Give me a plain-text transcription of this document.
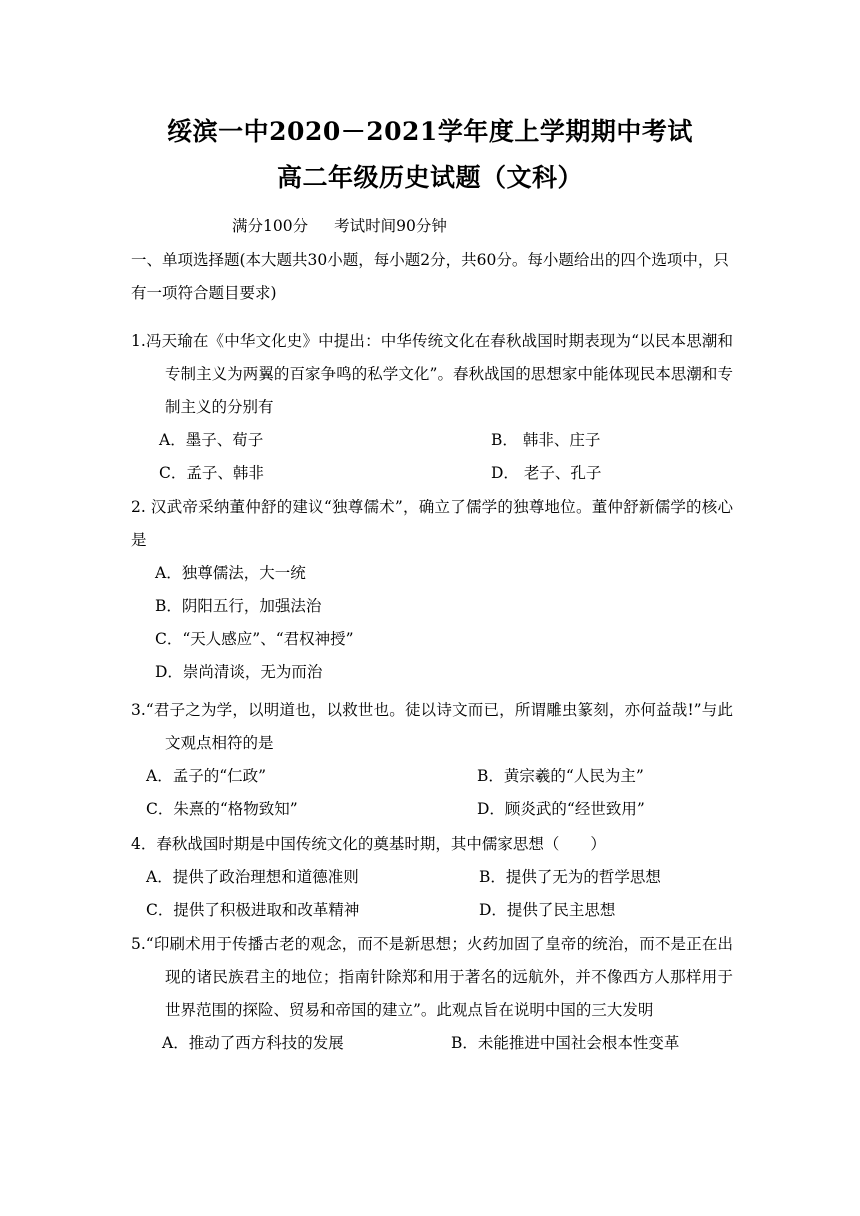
绥滨一中2020－2021学年度上学期期中考试
高二年级历史试题（文科）
满分100分 考试时间90分钟
一、单项选择题(本大题共30小题，每小题2分，共60分。每小题给出的四个选项中，只有一项符合题目要求)

1.冯天瑜在《中华文化史》中提出：中华传统文化在春秋战国时期表现为“以民本思潮和专制主义为两翼的百家争鸣的私学文化”。春秋战国的思想家中能体现民本思潮和专制主义的分别有

A．墨子、荀子	B． 韩非、庄子
C．孟子、韩非	D． 老子、孔子

2. 汉武帝采纳董仲舒的建议“独尊儒术”，确立了儒学的独尊地位。董仲舒新儒学的核心是

A．独尊儒法，大一统
B．阴阳五行，加强法治
C．“天人感应”、“君权神授”
D．崇尚清谈，无为而治

3.“君子之为学，以明道也，以救世也。徒以诗文而已，所谓雕虫篆刻，亦何益哉!”与此文观点相符的是

A．孟子的“仁政”	B．黄宗羲的“人民为主”
C．朱熹的“格物致知”	D．顾炎武的“经世致用”

4．春秋战国时期是中国传统文化的奠基时期，其中儒家思想（　　）

A．提供了政治理想和道德准则	B．提供了无为的哲学思想
C．提供了积极进取和改革精神	D．提供了民主思想

5.“印刷术用于传播古老的观念，而不是新思想；火药加固了皇帝的统治，而不是正在出现的诸民族君主的地位；指南针除郑和用于著名的远航外，并不像西方人那样用于世界范围的探险、贸易和帝国的建立”。此观点旨在说明中国的三大发明

A．推动了西方科技的发展	B．未能推进中国社会根本性变革
